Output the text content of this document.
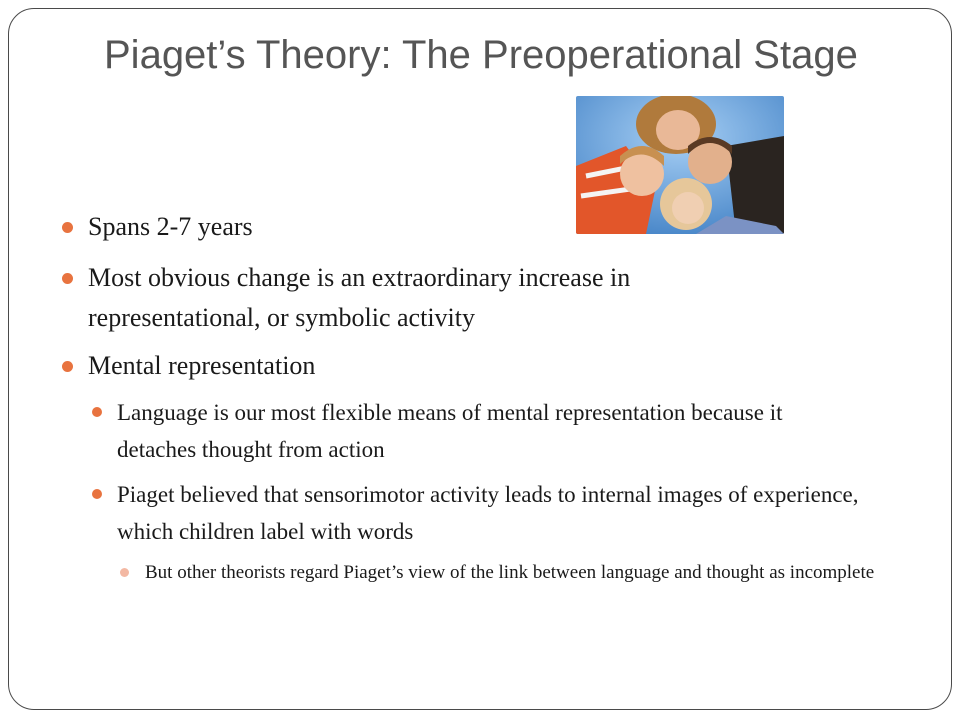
Piaget’s Theory: The Preoperational Stage
Spans 2-7 years
Most obvious change is an extraordinary increase in representational, or symbolic activity
Mental representation
Language is our most flexible means of mental representation because it detaches thought from action
Piaget believed that sensorimotor activity leads to internal images of experience, which children label with words
But other theorists regard Piaget’s view of the link between language and thought as incomplete
